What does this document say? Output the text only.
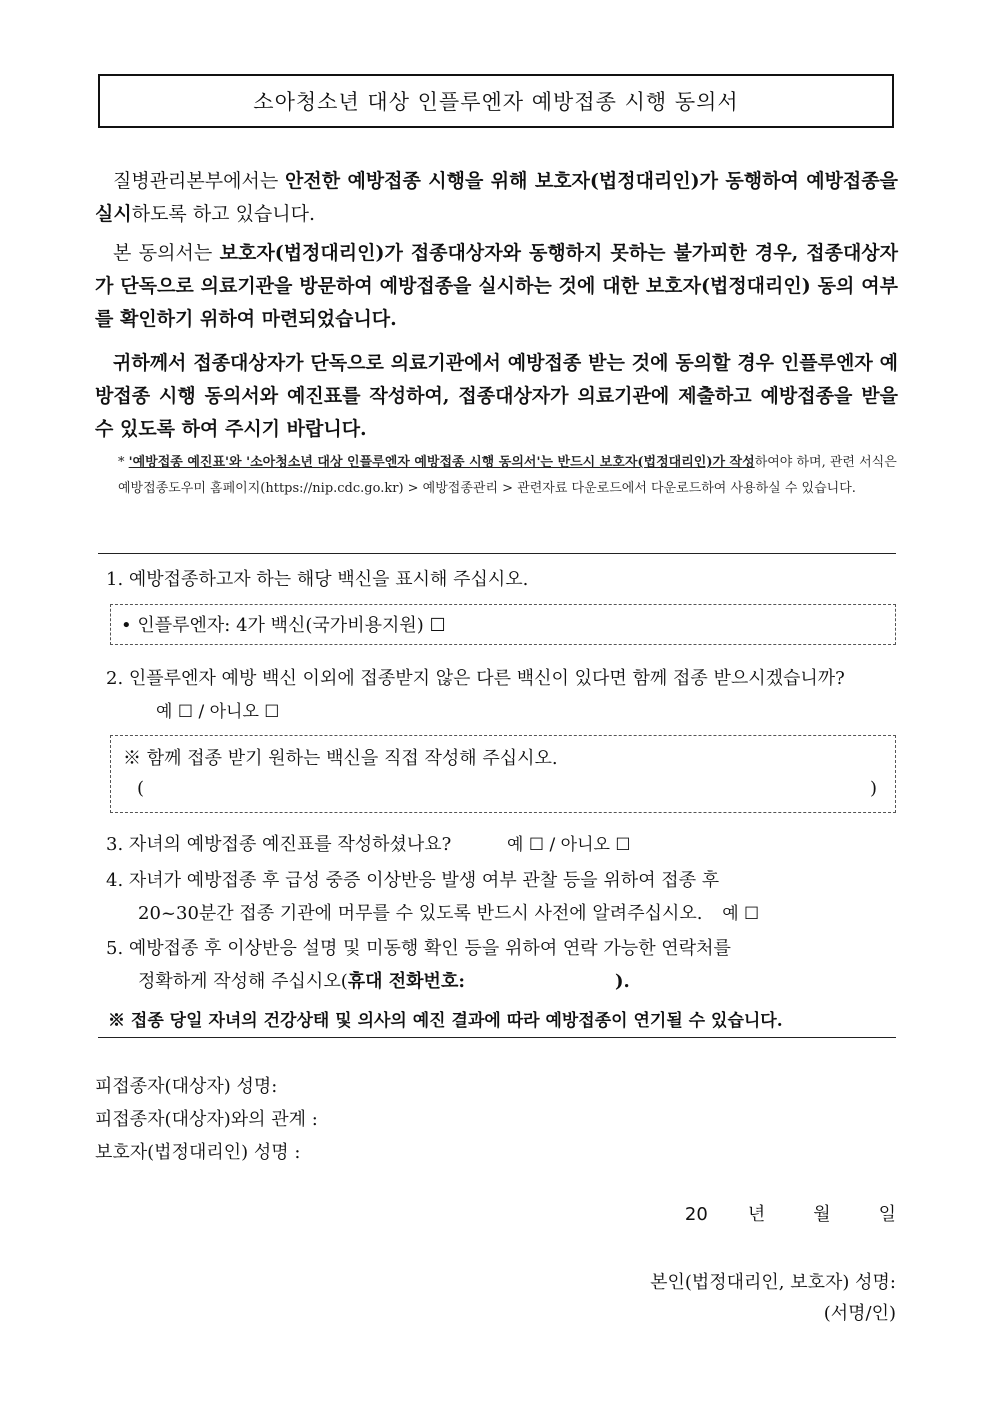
소아청소년 대상 인플루엔자 예방접종 시행 동의서
질병관리본부에서는 안전한 예방접종 시행을 위해 보호자(법정대리인)가 동행하여 예방접종을 실시하도록 하고 있습니다.
본 동의서는 보호자(법정대리인)가 접종대상자와 동행하지 못하는 불가피한 경우, 접종대상자가 단독으로 의료기관을 방문하여 예방접종을 실시하는 것에 대한 보호자(법정대리인) 동의 여부를 확인하기 위하여 마련되었습니다.
귀하께서 접종대상자가 단독으로 의료기관에서 예방접종 받는 것에 동의할 경우 인플루엔자 예방접종 시행 동의서와 예진표를 작성하여, 접종대상자가 의료기관에 제출하고 예방접종을 받을 수 있도록 하여 주시기 바랍니다.
* '예방접종 예진표'와 '소아청소년 대상 인플루엔자 예방접종 시행 동의서'는 반드시 보호자(법정대리인)가 작성하여야 하며, 관련 서식은 예방접종도우미 홈페이지(https://nip.cdc.go.kr) > 예방접종관리 > 관련자료 다운로드에서 다운로드하여 사용하실 수 있습니다.
1. 예방접종하고자 하는 해당 백신을 표시해 주십시오.
• 인플루엔자: 4가 백신(국가비용지원) ☐
2. 인플루엔자 예방 백신 이외에 접종받지 않은 다른 백신이 있다면 함께 접종 받으시겠습니까? 예 ☐ / 아니오 ☐
※ 함께 접종 받기 원하는 백신을 직접 작성해 주십시오.
(	)
3. 자녀의 예방접종 예진표를 작성하셨나요?	예 ☐ / 아니오 ☐
4. 자녀가 예방접종 후 급성 중증 이상반응 발생 여부 관찰 등을 위하여 접종 후
20~30분간 접종 기관에 머무를 수 있도록 반드시 사전에 알려주십시오. 예 ☐
5. 예방접종 후 이상반응 설명 및 미동행 확인 등을 위하여 연락 가능한 연락처를
정확하게 작성해 주십시오(휴대 전화번호:	).
※ 접종 당일 자녀의 건강상태 및 의사의 예진 결과에 따라 예방접종이 연기될 수 있습니다.
피접종자(대상자) 성명:
피접종자(대상자)와의 관계 :
보호자(법정대리인) 성명 :
20 년	월	일
본인(법정대리인, 보호자) 성명:
(서명/인)
